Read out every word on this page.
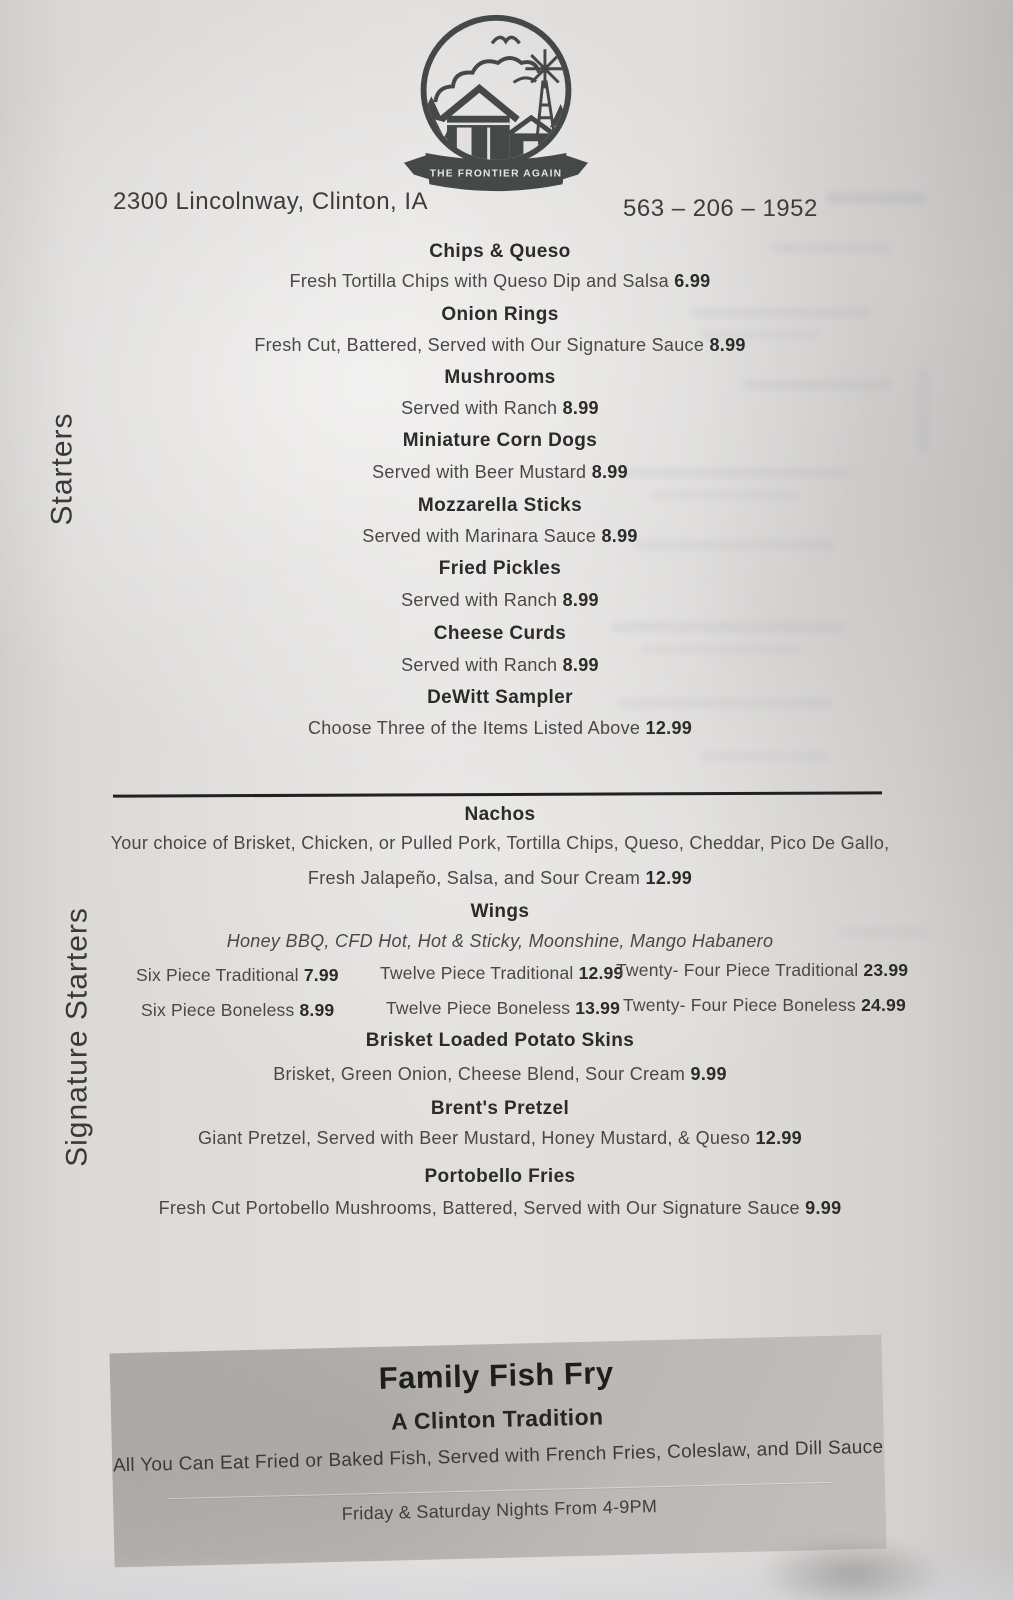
THE FRONTIER AGAIN
2300 Lincolnway, Clinton, IA	563 – 206 – 1952
Starters
Signature Starters
Chips & Queso
Fresh Tortilla Chips with Queso Dip and Salsa 6.99
Onion Rings
Fresh Cut, Battered, Served with Our Signature Sauce 8.99
Mushrooms
Served with Ranch 8.99
Miniature Corn Dogs
Served with Beer Mustard 8.99
Mozzarella Sticks
Served with Marinara Sauce 8.99
Fried Pickles
Served with Ranch 8.99
Cheese Curds
Served with Ranch 8.99
DeWitt Sampler
Choose Three of the Items Listed Above 12.99
Nachos
Your choice of Brisket, Chicken, or Pulled Pork, Tortilla Chips, Queso, Cheddar, Pico De Gallo,
Fresh Jalapeño, Salsa, and Sour Cream 12.99
Wings
Honey BBQ, CFD Hot, Hot & Sticky, Moonshine, Mango Habanero
Six Piece Traditional 7.99 Twelve Piece Traditional 12.99
Twenty- Four Piece Traditional 23.99
Six Piece Boneless 8.99	Twelve Piece Boneless 13.99 Twenty- Four Piece Boneless 24.99
Brisket Loaded Potato Skins
Brisket, Green Onion, Cheese Blend, Sour Cream 9.99
Brent's Pretzel
Giant Pretzel, Served with Beer Mustard, Honey Mustard, & Queso 12.99
Portobello Fries
Fresh Cut Portobello Mushrooms, Battered, Served with Our Signature Sauce 9.99
Family Fish Fry
A Clinton Tradition
All You Can Eat Fried or Baked Fish, Served with French Fries, Coleslaw, and Dill Sauce
Friday & Saturday Nights From 4-9PM
